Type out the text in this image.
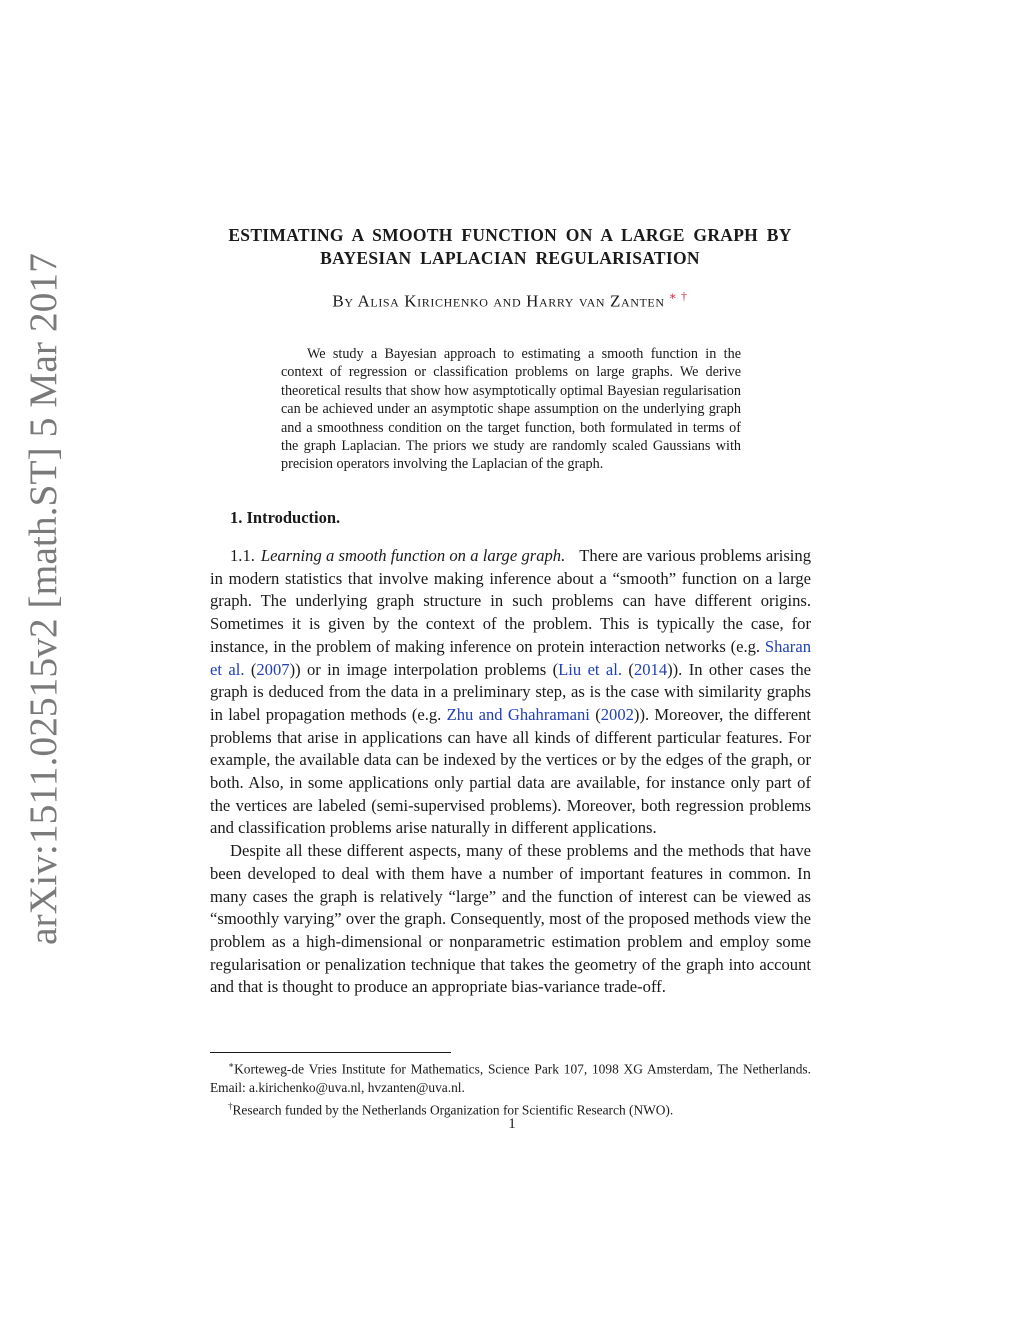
arXiv:1511.02515v2 [math.ST] 5 Mar 2017
ESTIMATING A SMOOTH FUNCTION ON A LARGE GRAPH BY
BAYESIAN LAPLACIAN REGULARISATION
By Alisa Kirichenko and Harry van Zanten ∗ †

We study a Bayesian approach to estimating a smooth function in the context of regression or classification problems on large graphs. We derive theoretical results that show how asymptotically optimal Bayesian regularisation can be achieved under an asymptotic shape assumption on the underlying graph and a smoothness condition on the target function, both formulated in terms of the graph Laplacian. The priors we study are randomly scaled Gaussians with precision operators involving the Laplacian of the graph.

1. Introduction.

1.1. Learning a smooth function on a large graph. There are various problems arising in modern statistics that involve making inference about a “smooth” function on a large graph. The underlying graph structure in such problems can have different origins. Sometimes it is given by the context of the problem. This is typically the case, for instance, in the problem of making inference on protein interaction networks (e.g. Sharan et al. (2007)) or in image interpolation problems (Liu et al. (2014)). In other cases the graph is deduced from the data in a preliminary step, as is the case with similarity graphs in label propagation methods (e.g. Zhu and Ghahramani (2002)). Moreover, the different problems that arise in applications can have all kinds of different particular features. For example, the available data can be indexed by the vertices or by the edges of the graph, or both. Also, in some applications only partial data are available, for instance only part of the vertices are labeled (semi-supervised problems). Moreover, both regression problems and classification problems arise naturally in different applications.

Despite all these different aspects, many of these problems and the methods that have been developed to deal with them have a number of important features in common. In many cases the graph is relatively “large” and the function of interest can be viewed as “smoothly varying” over the graph. Consequently, most of the proposed methods view the problem as a high-dimensional or nonparametric estimation problem and employ some regularisation or penalization technique that takes the geometry of the graph into account and that is thought to produce an appropriate bias-variance trade-off.

∗Korteweg-de Vries Institute for Mathematics, Science Park 107, 1098 XG Amsterdam, The Netherlands. Email: a.kirichenko@uva.nl, hvzanten@uva.nl.

†Research funded by the Netherlands Organization for Scientific Research (NWO).

1
